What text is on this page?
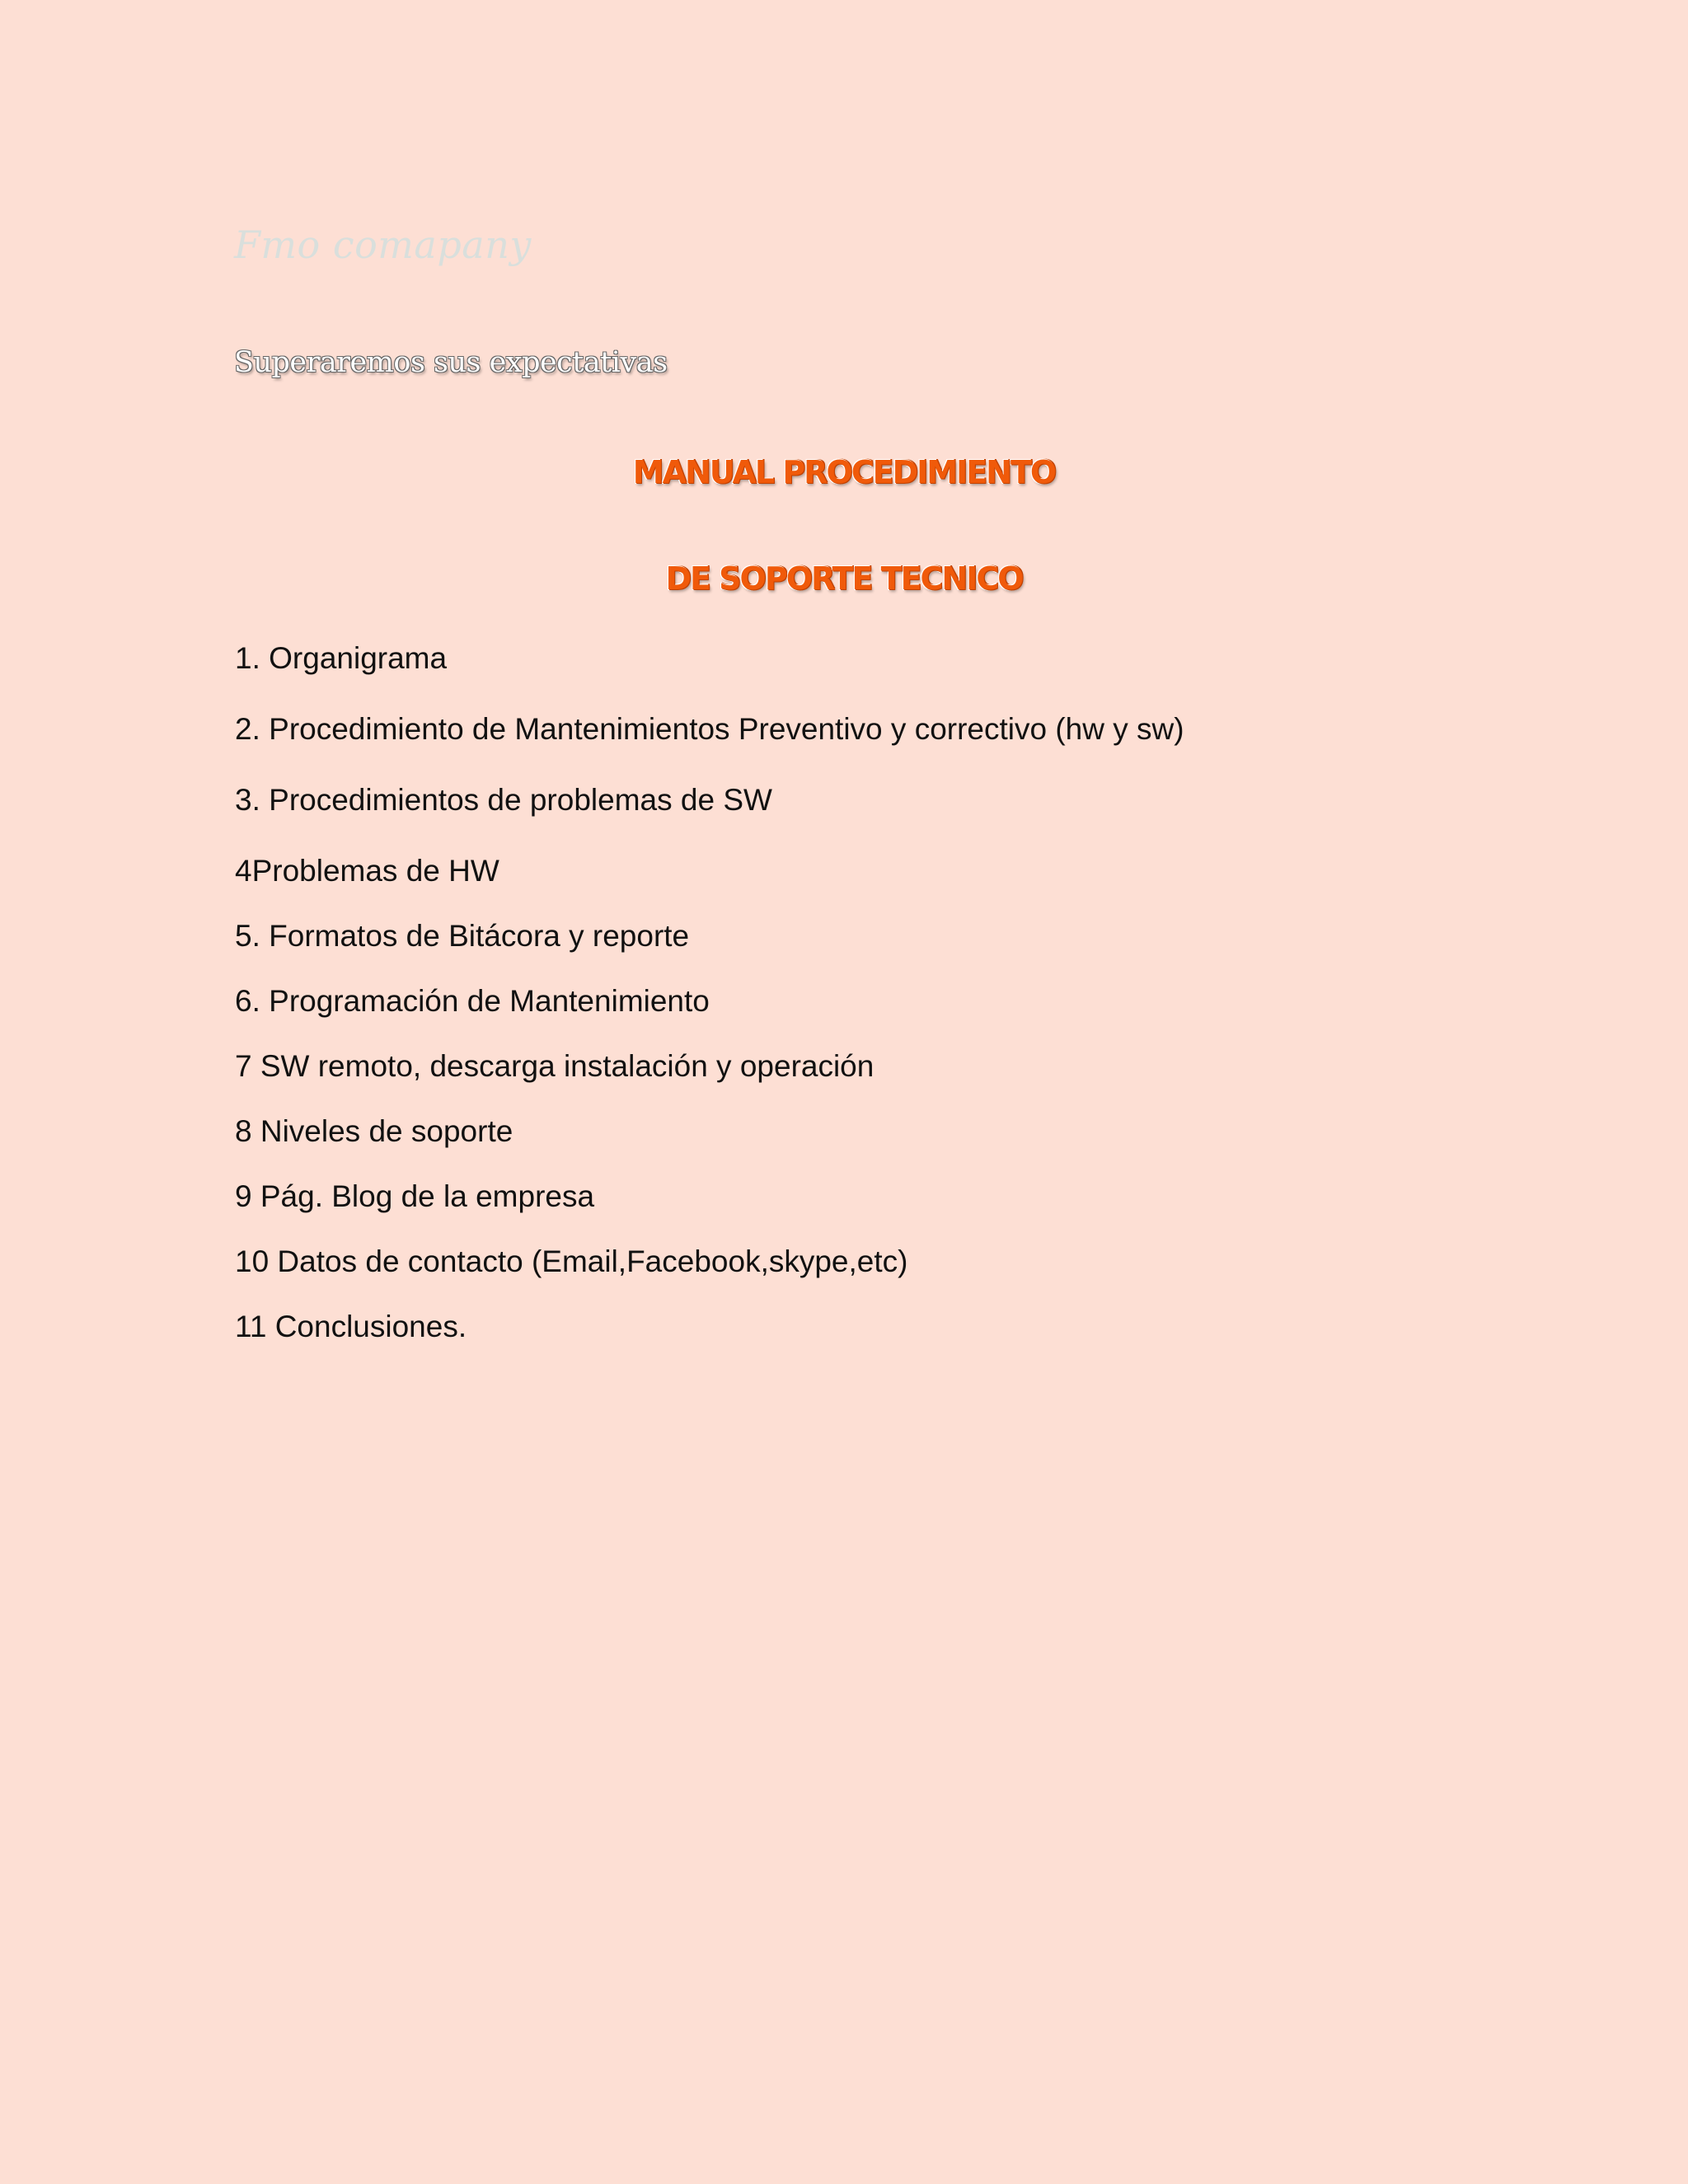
Fmo comapany
Superaremos sus expectativas
MANUAL PROCEDIMIENTO
DE SOPORTE TECNICO
1. Organigrama
2. Procedimiento de Mantenimientos Preventivo y correctivo (hw y sw)
3. Procedimientos de problemas de SW
4Problemas de HW
5. Formatos de Bitácora y reporte
6. Programación de Mantenimiento
7 SW remoto, descarga instalación y operación
8 Niveles de soporte
9 Pág. Blog de la empresa
10 Datos de contacto (Email,Facebook,skype,etc)
11 Conclusiones.
